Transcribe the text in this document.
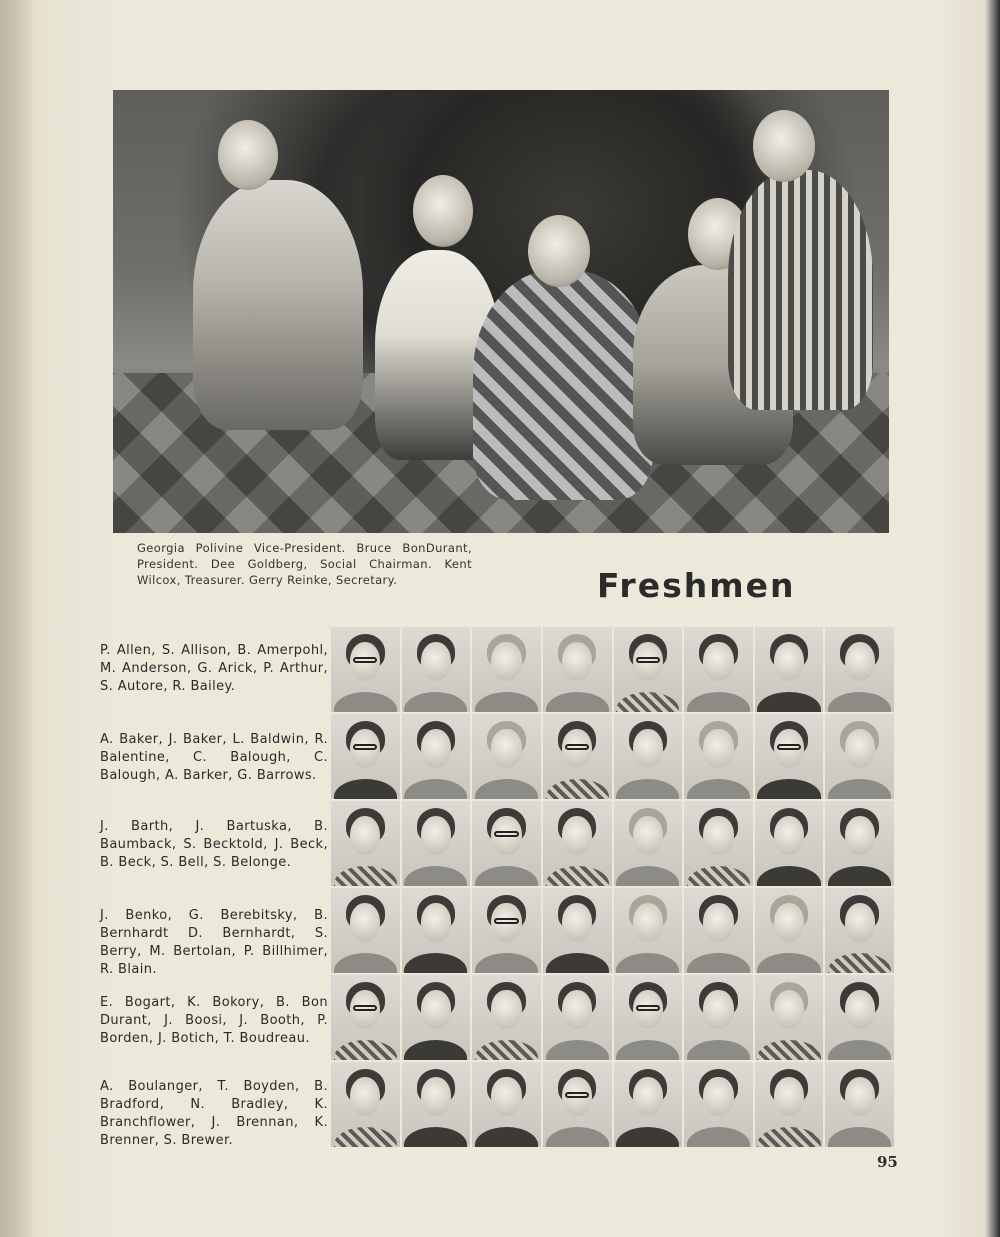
Georgia Polivine Vice-President. Bruce BonDurant, President. Dee Goldberg, Social Chairman. Kent Wilcox, Treasurer. Gerry Reinke, Secretary.	Freshmen
P. Allen, S. Allison, B. Amerpohl, M. Anderson, G. Arick, P. Arthur, S. Autore, R. Bailey.
A. Baker, J. Baker, L. Baldwin, R. Balentine, C. Balough, C. Balough, A. Barker, G. Barrows.
J. Barth, J. Bartuska, B. Baumback, S. Becktold, J. Beck, B. Beck, S. Bell, S. Belonge.
J. Benko, G. Berebitsky, B. Bernhardt D. Bernhardt, S. Berry, M. Bertolan, P. Billhimer, R. Blain.
E. Bogart, K. Bokory, B. Bon Durant, J. Boosi, J. Booth, P. Borden, J. Botich, T. Boudreau.
A. Boulanger, T. Boyden, B. Bradford, N. Bradley, K. Branchflower, J. Brennan, K. Brenner, S. Brewer.
95
